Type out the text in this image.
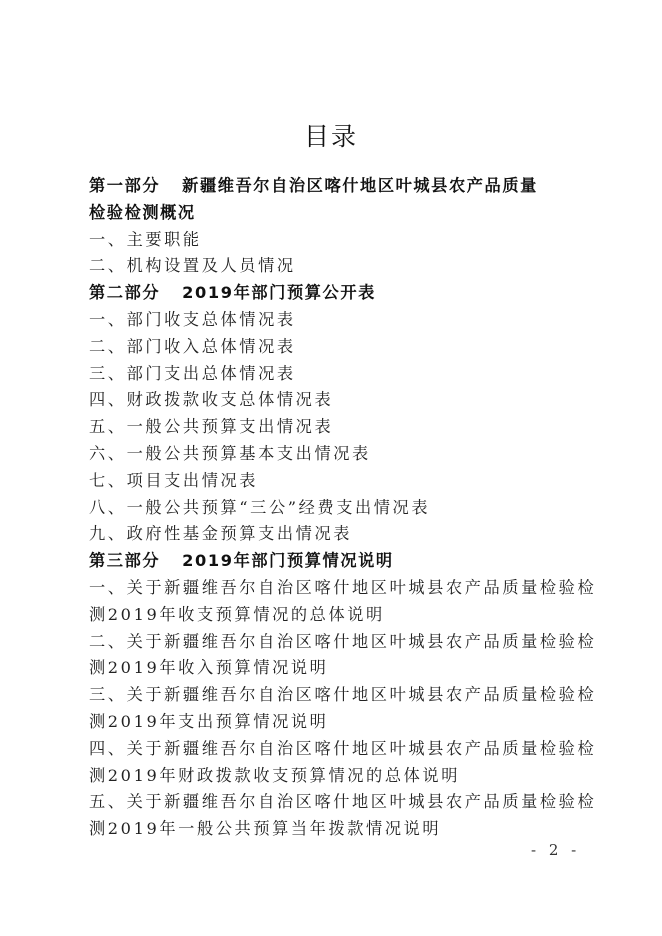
目录
第一部分 新疆维吾尔自治区喀什地区叶城县农产品质量
检验检测概况
一、主要职能
二、机构设置及人员情况
第二部分 2019年部门预算公开表
一、部门收支总体情况表
二、部门收入总体情况表
三、部门支出总体情况表
四、财政拨款收支总体情况表
五、一般公共预算支出情况表
六、一般公共预算基本支出情况表
七、项目支出情况表
八、一般公共预算“三公”经费支出情况表
九、政府性基金预算支出情况表
第三部分 2019年部门预算情况说明
一、关于新疆维吾尔自治区喀什地区叶城县农产品质量检验检
测2019年收支预算情况的总体说明
二、关于新疆维吾尔自治区喀什地区叶城县农产品质量检验检
测2019年收入预算情况说明
三、关于新疆维吾尔自治区喀什地区叶城县农产品质量检验检
测2019年支出预算情况说明
四、关于新疆维吾尔自治区喀什地区叶城县农产品质量检验检
测2019年财政拨款收支预算情况的总体说明
五、关于新疆维吾尔自治区喀什地区叶城县农产品质量检验检
测2019年一般公共预算当年拨款情况说明
- 2 -
